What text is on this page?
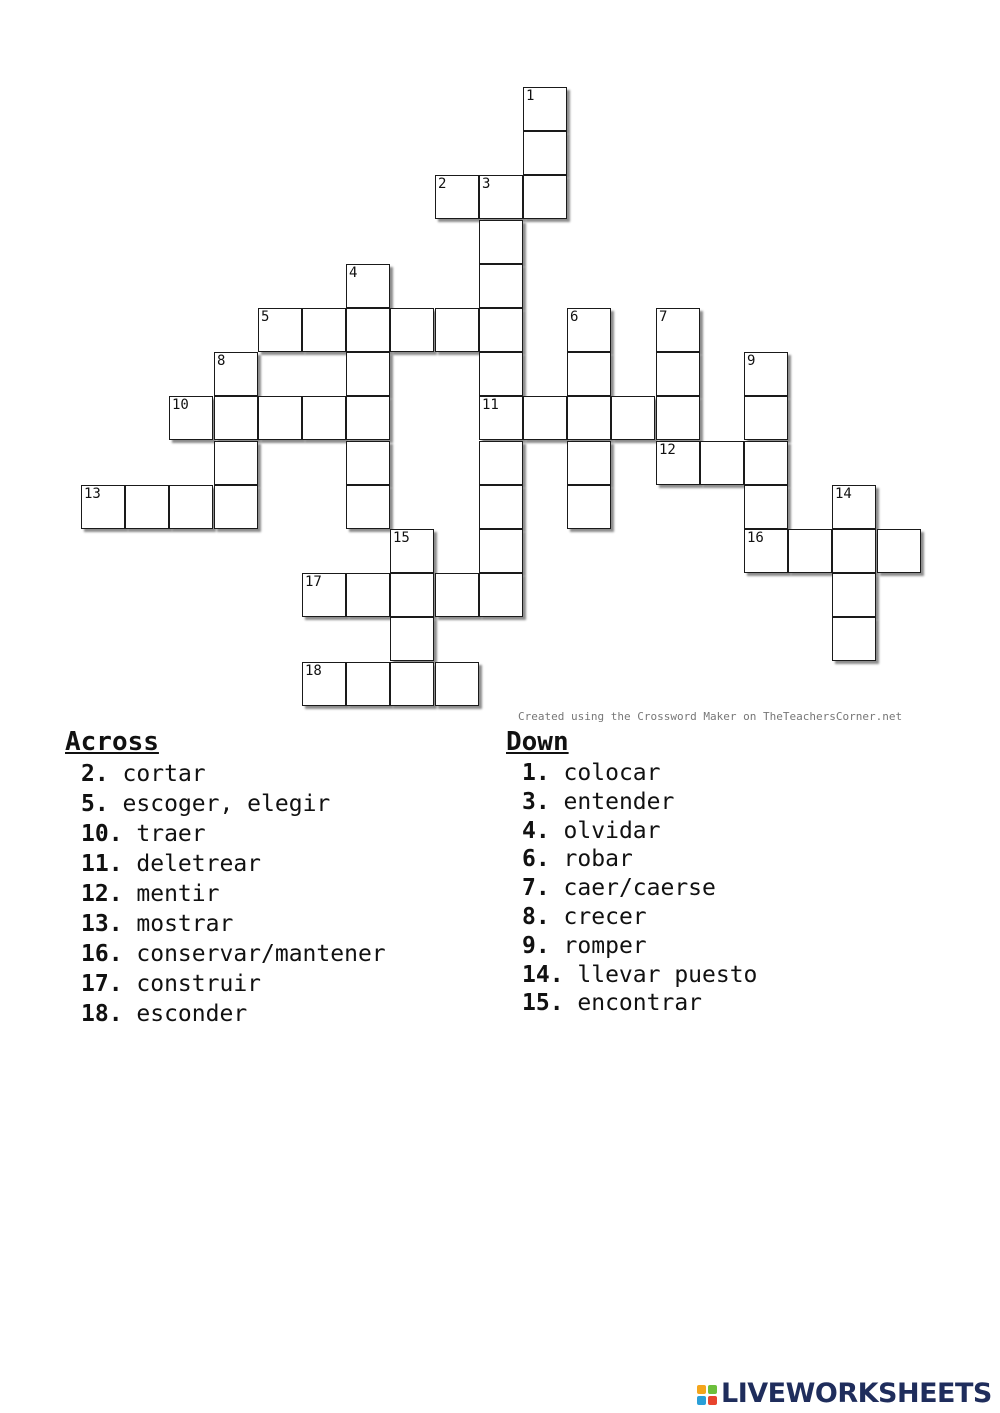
1
2	3
4
5	6	7
8	9
10	11
12
13	14
15	16
17
18
Created using the Crossword Maker on TheTeachersCorner.net
Across
2. cortar
5. escoger, elegir
10. traer
11. deletrear
12. mentir
13. mostrar
16. conservar/mantener
17. construir
18. esconder
Down
1. colocar
3. entender
4. olvidar
6. robar
7. caer/caerse
8. crecer
9. romper
14. llevar puesto
15. encontrar
LIVEWORKSHEETS
